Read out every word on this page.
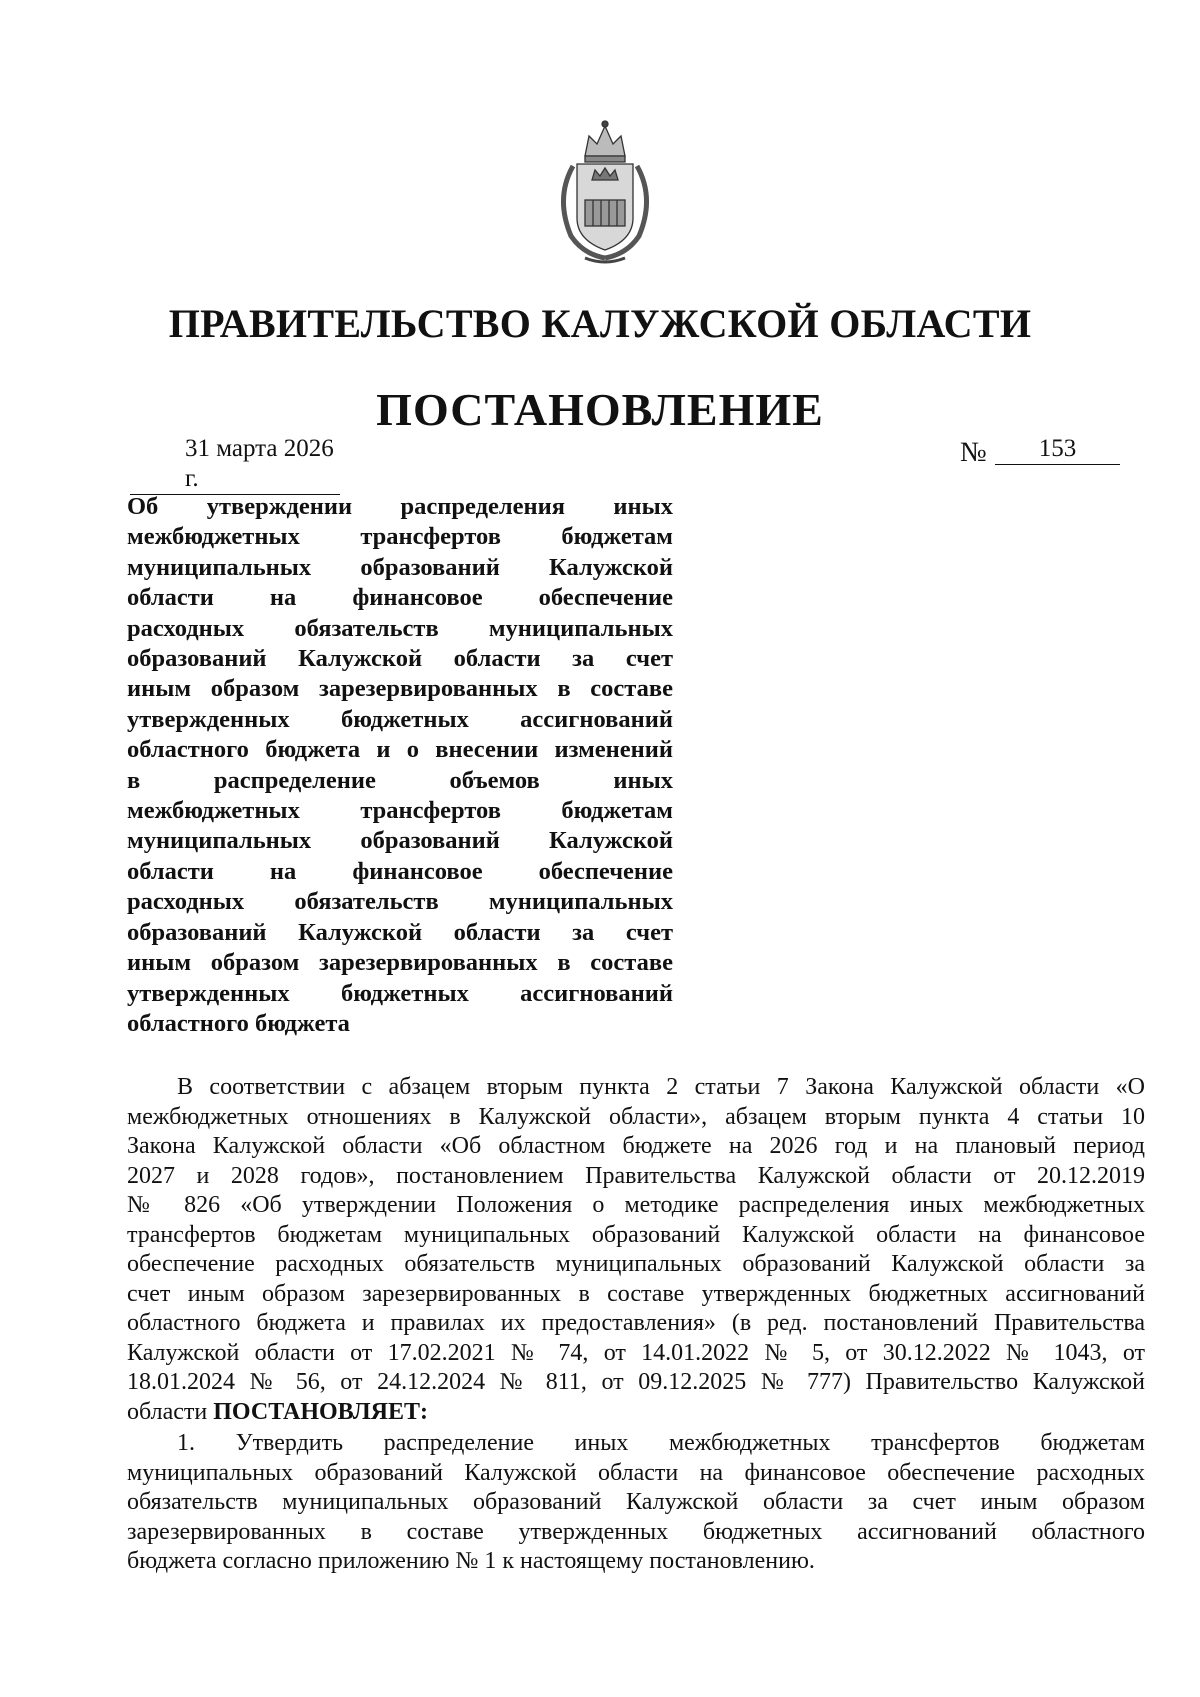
ПРАВИТЕЛЬСТВО КАЛУЖСКОЙ ОБЛАСТИ
ПОСТАНОВЛЕНИЕ
31 марта 2026 г.
№	153
Об утверждении распределения иных
межбюджетных трансфертов бюджетам
муниципальных образований Калужской
области на финансовое обеспечение
расходных обязательств муниципальных
образований Калужской области за счет
иным образом зарезервированных в составе
утвержденных бюджетных ассигнований
областного бюджета и о внесении изменений
в распределение объемов иных
межбюджетных трансфертов бюджетам
муниципальных образований Калужской
области на финансовое обеспечение
расходных обязательств муниципальных
образований Калужской области за счет
иным образом зарезервированных в составе
утвержденных бюджетных ассигнований
областного бюджета
В соответствии с абзацем вторым пункта 2 статьи 7 Закона Калужской области «О
межбюджетных отношениях в Калужской области», абзацем вторым пункта 4 статьи 10
Закона Калужской области «Об областном бюджете на 2026 год и на плановый период
2027 и 2028 годов», постановлением Правительства Калужской области от 20.12.2019
№ 826 «Об утверждении Положения о методике распределения иных межбюджетных
трансфертов бюджетам муниципальных образований Калужской области на финансовое
обеспечение расходных обязательств муниципальных образований Калужской области за
счет иным образом зарезервированных в составе утвержденных бюджетных ассигнований
областного бюджета и правилах их предоставления» (в ред. постановлений Правительства
Калужской области от 17.02.2021 № 74, от 14.01.2022 № 5, от 30.12.2022 № 1043, от
18.01.2024 № 56, от 24.12.2024 № 811, от 09.12.2025 № 777) Правительство Калужской
области ПОСТАНОВЛЯЕТ:
1. Утвердить распределение иных межбюджетных трансфертов бюджетам
муниципальных образований Калужской области на финансовое обеспечение расходных
обязательств муниципальных образований Калужской области за счет иным образом
зарезервированных в составе утвержденных бюджетных ассигнований областного
бюджета согласно приложению № 1 к настоящему постановлению.
